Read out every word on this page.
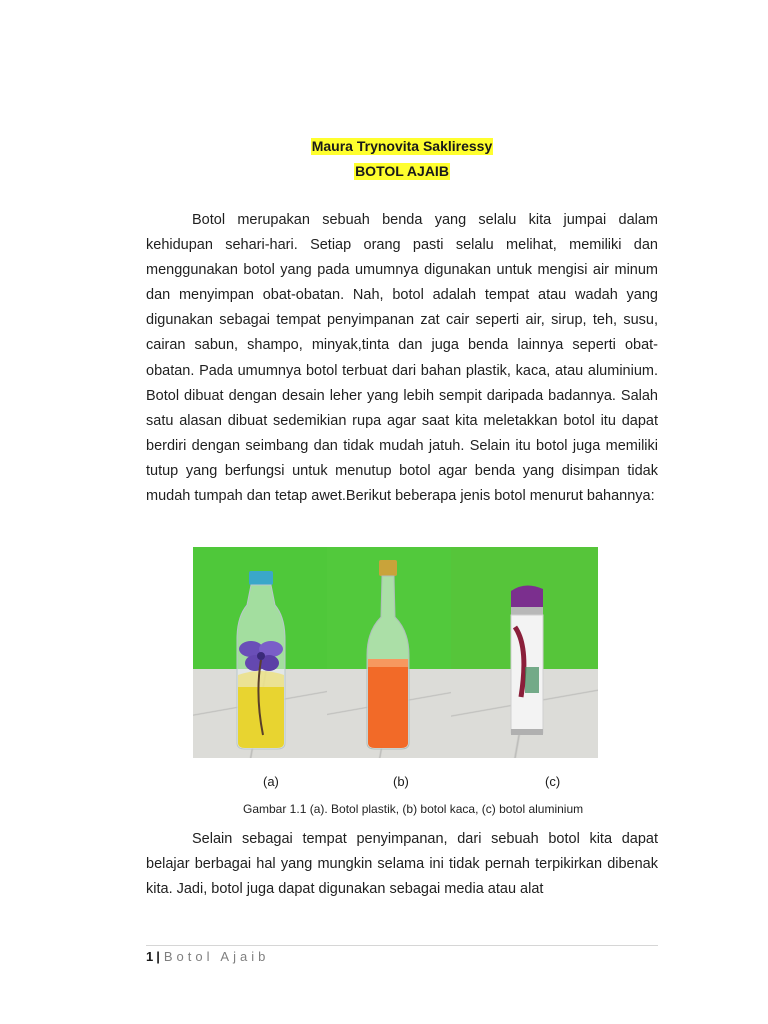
Maura Trynovita Sakliressy
BOTOL AJAIB

Botol merupakan sebuah benda yang selalu kita jumpai dalam kehidupan sehari-hari. Setiap orang pasti selalu melihat, memiliki dan menggunakan botol yang pada umumnya digunakan untuk mengisi air minum dan menyimpan obat-obatan. Nah, botol adalah tempat atau wadah yang digunakan sebagai tempat penyimpanan zat cair seperti air, sirup, teh, susu, cairan sabun, shampo, minyak,tinta dan juga benda lainnya seperti obat-obatan. Pada umumnya botol terbuat dari bahan plastik, kaca, atau aluminium. Botol dibuat dengan desain leher yang lebih sempit daripada badannya. Salah satu alasan dibuat sedemikian rupa agar saat kita meletakkan botol itu dapat berdiri dengan seimbang dan tidak mudah jatuh. Selain itu botol juga memiliki tutup yang berfungsi untuk menutup botol agar benda yang disimpan tidak mudah tumpah dan tetap awet.Berikut beberapa jenis botol menurut bahannya:

(a)	(b)	(c)
Gambar 1.1 (a). Botol plastik, (b) botol kaca, (c) botol aluminium

Selain sebagai tempat penyimpanan, dari sebuah botol kita dapat belajar berbagai hal yang mungkin selama ini tidak pernah terpikirkan dibenak kita. Jadi, botol juga dapat digunakan sebagai media atau alat

1 | Botol Ajaib
